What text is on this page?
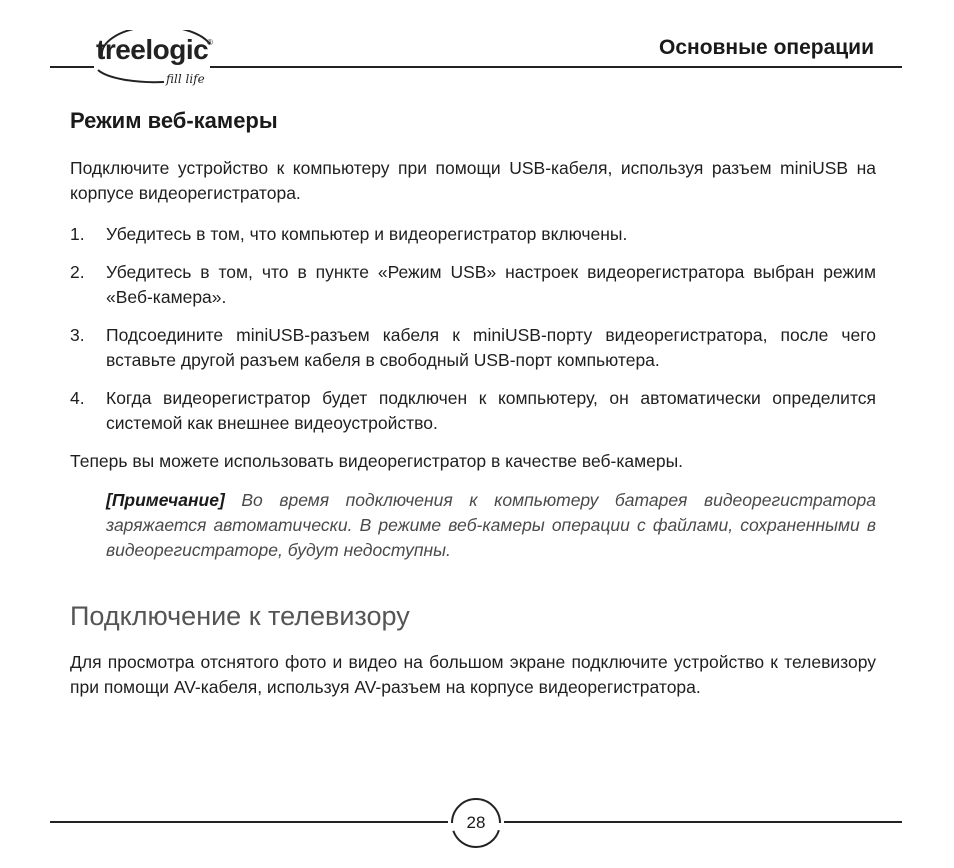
treelogic
®
fill life
Основные операции
Режим веб-камеры

Подключите устройство к компьютеру при помощи USB-кабеля, используя разъем miniUSB на корпусе видеорегистратора.

1. Убедитесь в том, что компьютер и видеорегистратор включены.
2. Убедитесь в том, что в пункте «Режим USB» настроек видеорегистратора выбран режим «Веб-камера».
3. Подсоедините miniUSB-разъем кабеля к miniUSB-порту видеорегистратора, после чего вставьте другой разъем кабеля в свободный USB-порт компьютера.
4. Когда видеорегистратор будет подключен к компьютеру, он автоматически определится системой как внешнее видеоустройство.

Теперь вы можете использовать видеорегистратор в качестве веб-камеры.

[Примечание] Во время подключения к компьютеру батарея видеорегистратора заряжается автоматически. В режиме веб-камеры операции с файлами, сохраненными в видеорегистраторе, будут недоступны.

Подключение к телевизору

Для просмотра отснятого фото и видео на большом экране подключите устройство к телевизору при помощи AV-кабеля, используя AV-разъем на корпусе видеорегистратора.

28
